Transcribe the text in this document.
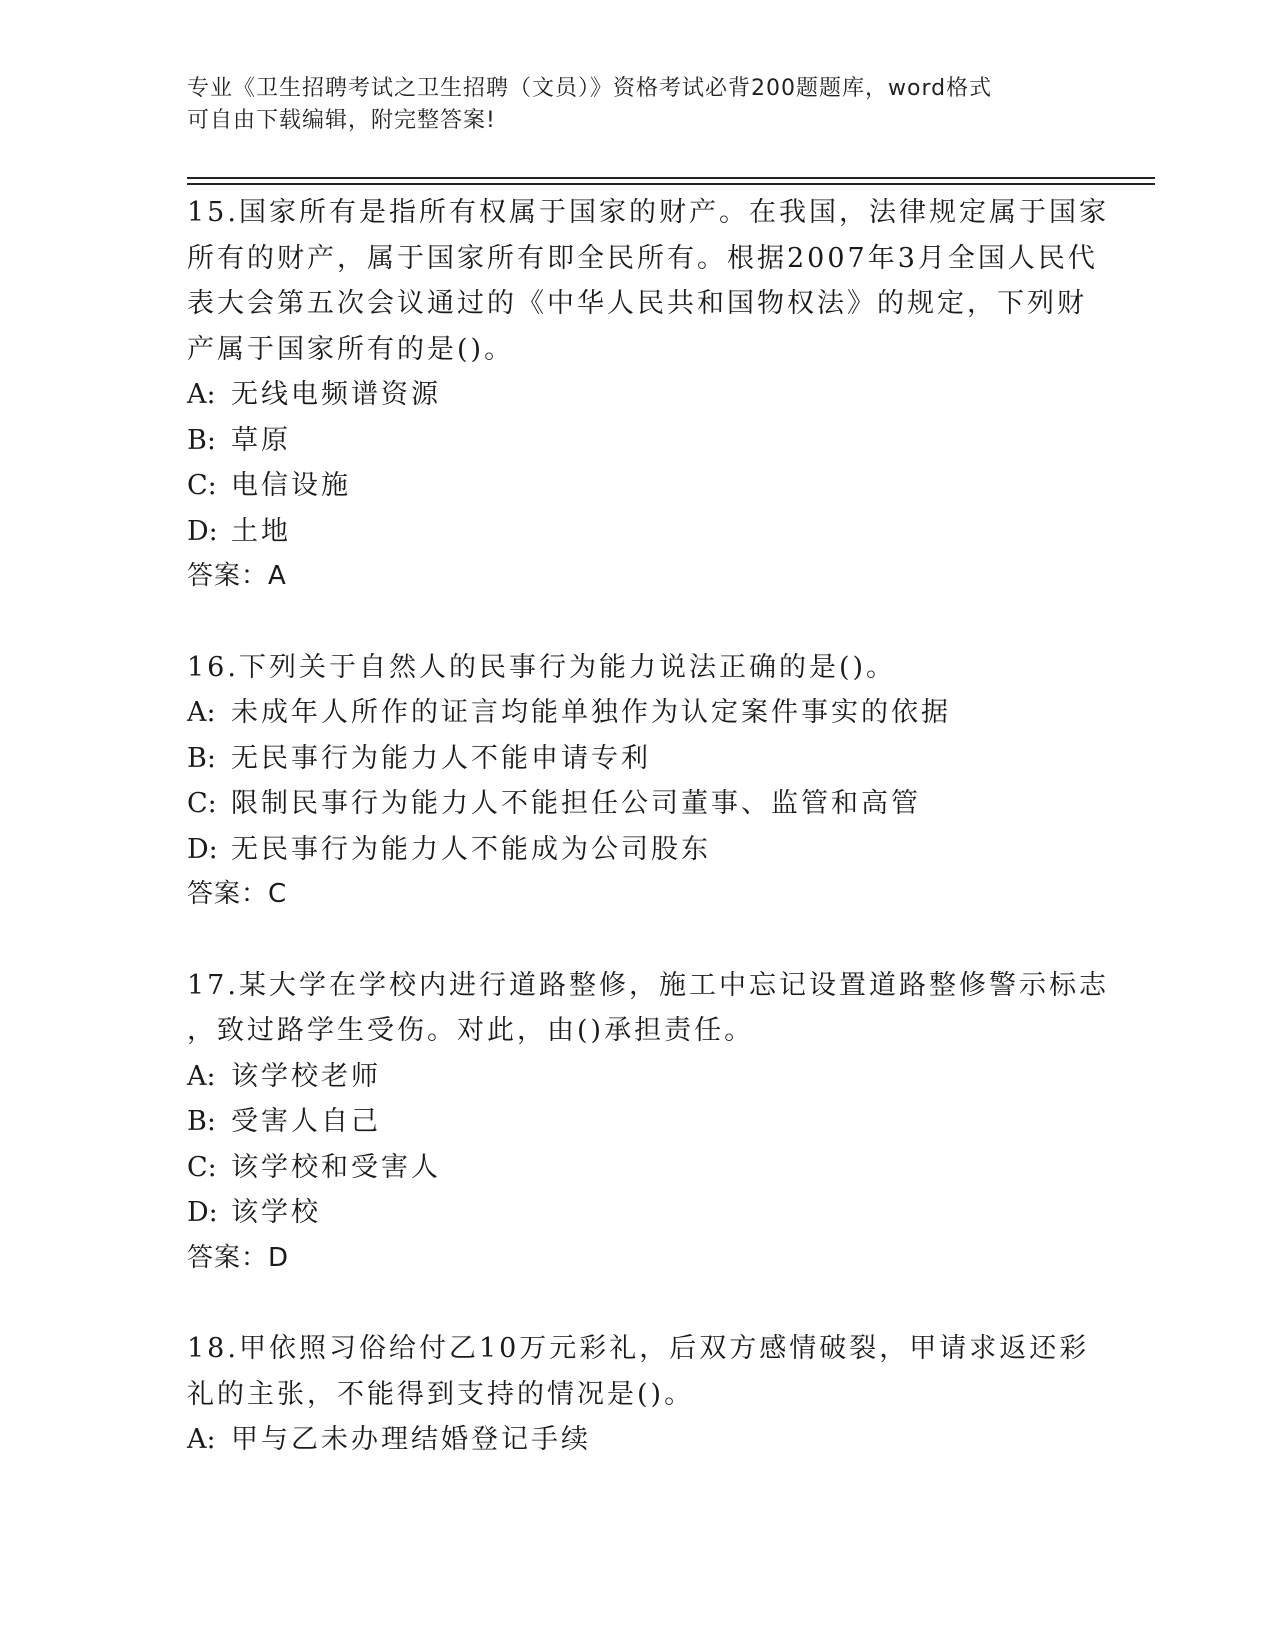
专业《卫生招聘考试之卫生招聘（文员）》资格考试必背200题题库，word格式
可自由下载编辑，附完整答案!
15.国家所有是指所有权属于国家的财产。在我国，法律规定属于国家
所有的财产，属于国家所有即全民所有。根据2007年3月全国人民代
表大会第五次会议通过的《中华人民共和国物权法》的规定，下列财
产属于国家所有的是()。
A: 无线电频谱资源
B: 草原
C: 电信设施
D: 土地
答案：A
16.下列关于自然人的民事行为能力说法正确的是()。
A: 未成年人所作的证言均能单独作为认定案件事实的依据
B: 无民事行为能力人不能申请专利
C: 限制民事行为能力人不能担任公司董事、监管和高管
D: 无民事行为能力人不能成为公司股东
答案：C
17.某大学在学校内进行道路整修，施工中忘记设置道路整修警示标志
，致过路学生受伤。对此，由()承担责任。
A: 该学校老师
B: 受害人自己
C: 该学校和受害人
D: 该学校
答案：D
18.甲依照习俗给付乙10万元彩礼，后双方感情破裂，甲请求返还彩
礼的主张，不能得到支持的情况是()。
A: 甲与乙未办理结婚登记手续
